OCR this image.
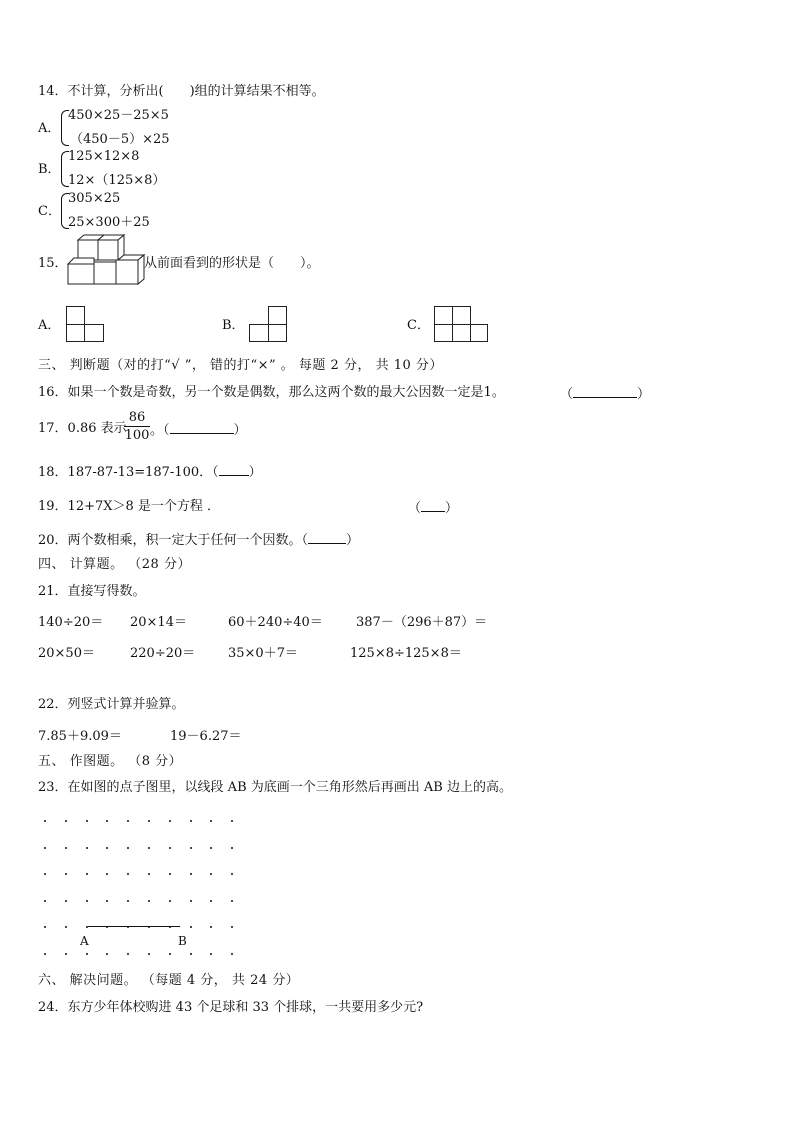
14．不计算，分析出(　　)组的计算结果不相等。
A．
450×25－25×5
（450－5）×25
B．
125×12×8
12×（125×8）
C．
305×25
25×300＋25
15．	从前面看到的形状是（　　）。
A．	B．	C．
三、 判断题（对的打“√ ”， 错的打“×” 。 每题 2 分， 共 10 分）
16．如果一个数是奇数，另一个数是偶数，那么这两个数的最大公因数一定是1。	（	）
17．0.86 表示
86
100 。（	）
18．187-87-13=187-100．（ ）
19．12+7X＞8 是一个方程 ．	（ ）
20．两个数相乘，积一定大于任何一个因数。（	）
四、 计算题。 （28 分）
21．直接写得数。
140÷20＝ 20×14＝	60＋240÷40＝	387－（296＋87）＝
20×50＝	220÷20＝	35×0＋7＝	125×8÷125×8＝
22．列竖式计算并验算。
7.85＋9.09＝	19－6.27＝
五、 作图题。 （8 分）
23．在如图的点子图里，以线段 AB 为底画一个三角形然后再画出 AB 边上的高。
A	B
六、 解决问题。 （每题 4 分， 共 24 分）
24．东方少年体校购进 43 个足球和 33 个排球，一共要用多少元?
